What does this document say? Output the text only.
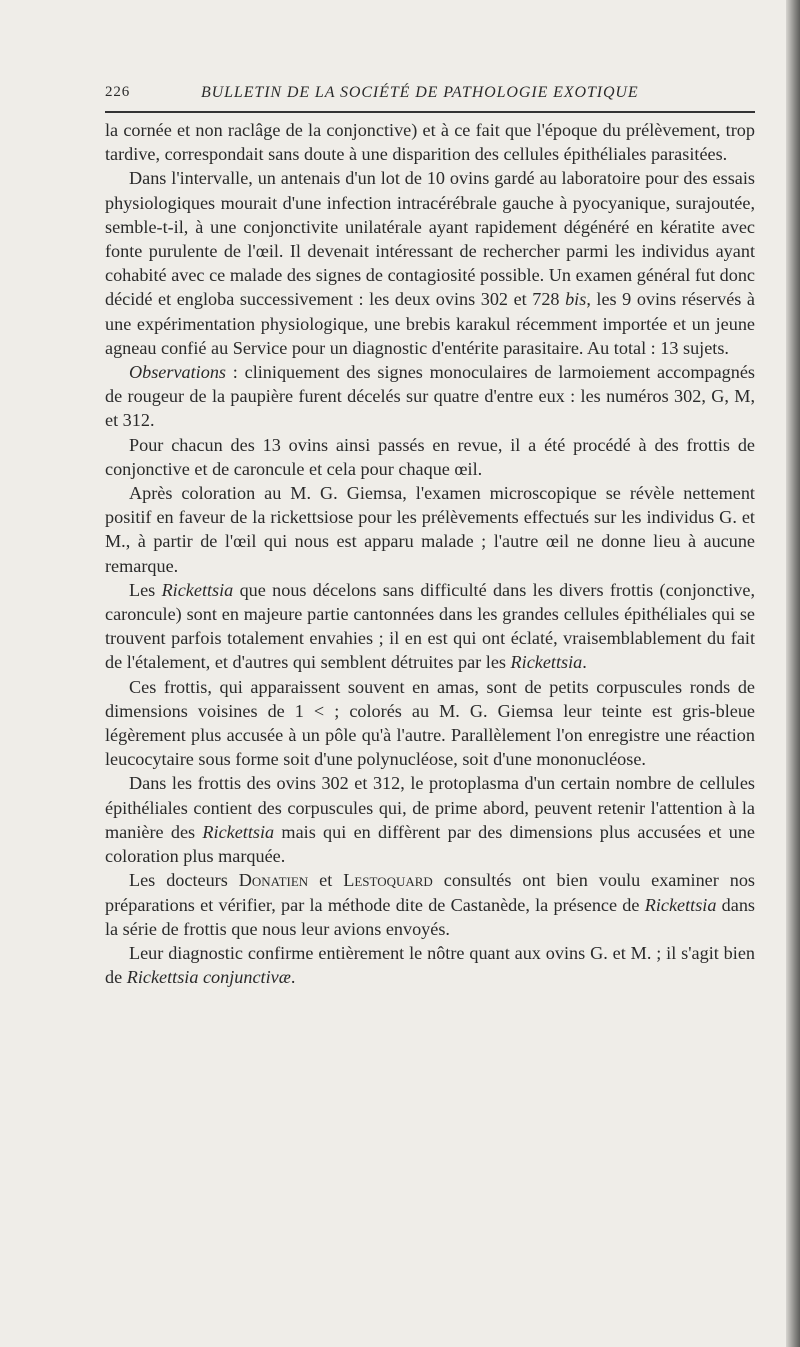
226	BULLETIN DE LA SOCIÉTÉ DE PATHOLOGIE EXOTIQUE

la cornée et non raclâge de la conjonctive) et à ce fait que l'époque du prélèvement, trop tardive, correspondait sans doute à une disparition des cellules épithéliales parasitées.

Dans l'intervalle, un antenais d'un lot de 10 ovins gardé au laboratoire pour des essais physiologiques mourait d'une infection intracérébrale gauche à pyocyanique, surajoutée, semble-t-il, à une conjonctivite unilatérale ayant rapidement dégénéré en kératite avec fonte purulente de l'œil. Il devenait intéressant de rechercher parmi les individus ayant cohabité avec ce malade des signes de contagiosité possible. Un examen général fut donc décidé et engloba successivement : les deux ovins 302 et 728 bis, les 9 ovins réservés à une expérimentation physiologique, une brebis karakul récemment importée et un jeune agneau confié au Service pour un diagnostic d'entérite parasitaire. Au total : 13 sujets.

Observations : cliniquement des signes monoculaires de larmoiement accompagnés de rougeur de la paupière furent décelés sur quatre d'entre eux : les numéros 302, G, M, et 312.

Pour chacun des 13 ovins ainsi passés en revue, il a été procédé à des frottis de conjonctive et de caroncule et cela pour chaque œil.

Après coloration au M. G. Giemsa, l'examen microscopique se révèle nettement positif en faveur de la rickettsiose pour les prélèvements effectués sur les individus G. et M., à partir de l'œil qui nous est apparu malade ; l'autre œil ne donne lieu à aucune remarque.

Les Rickettsia que nous décelons sans difficulté dans les divers frottis (conjonctive, caroncule) sont en majeure partie cantonnées dans les grandes cellules épithéliales qui se trouvent parfois totalement envahies ; il en est qui ont éclaté, vraisemblablement du fait de l'étalement, et d'autres qui semblent détruites par les Rickettsia.

Ces frottis, qui apparaissent souvent en amas, sont de petits corpuscules ronds de dimensions voisines de 1 < ; colorés au M. G. Giemsa leur teinte est gris-bleue légèrement plus accusée à un pôle qu'à l'autre. Parallèlement l'on enregistre une réaction leucocytaire sous forme soit d'une polynucléose, soit d'une mononucléose.

Dans les frottis des ovins 302 et 312, le protoplasma d'un certain nombre de cellules épithéliales contient des corpuscules qui, de prime abord, peuvent retenir l'attention à la manière des Rickettsia mais qui en diffèrent par des dimensions plus accusées et une coloration plus marquée.

Les docteurs Donatien et Lestoquard consultés ont bien voulu examiner nos préparations et vérifier, par la méthode dite de Castanède, la présence de Rickettsia dans la série de frottis que nous leur avions envoyés.

Leur diagnostic confirme entièrement le nôtre quant aux ovins G. et M. ; il s'agit bien de Rickettsia conjunctivæ.
